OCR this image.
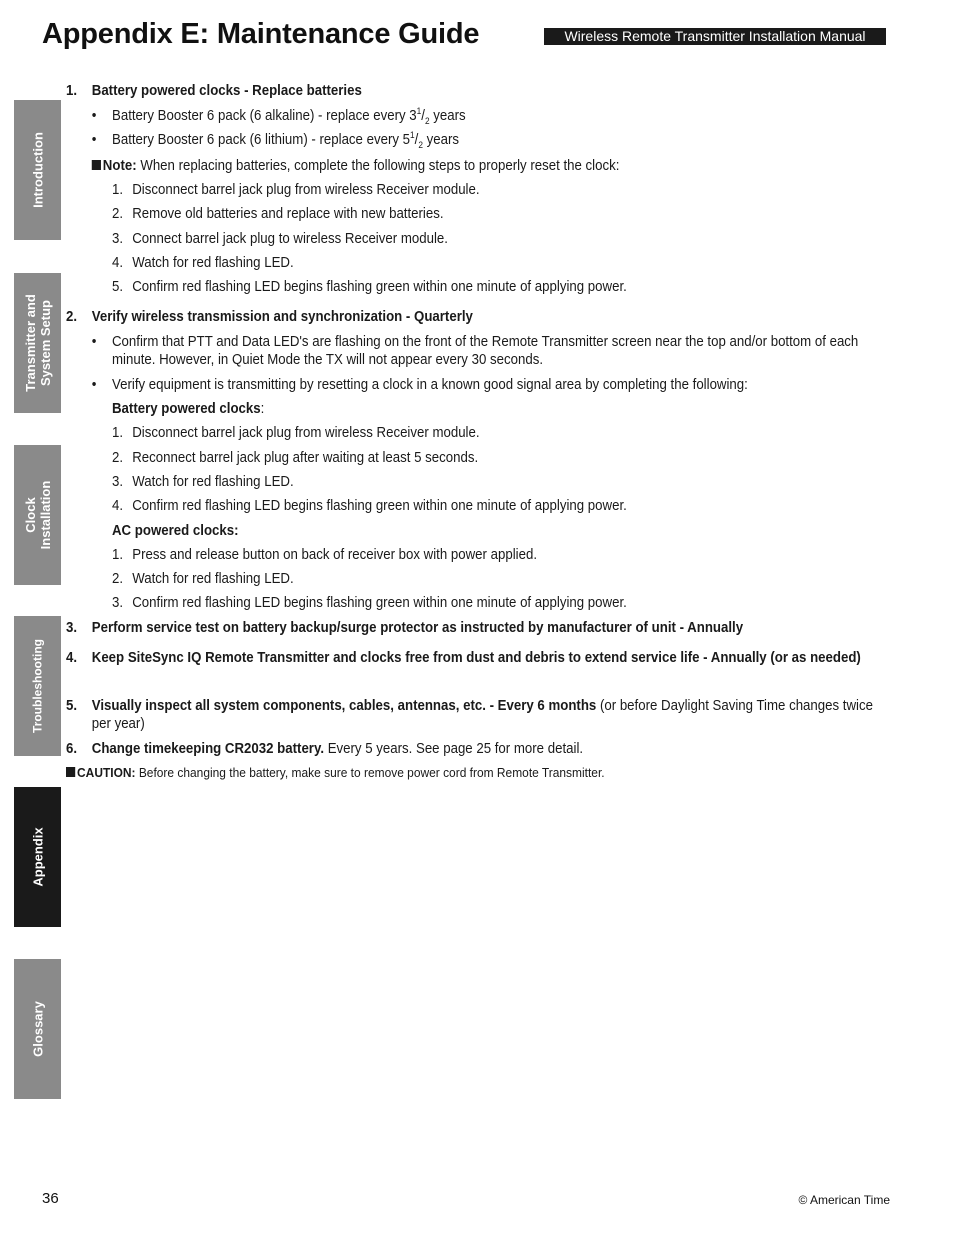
Appendix E: Maintenance Guide	Wireless Remote Transmitter Installation Manual
Introduction
Transmitter and System Setup
Clock Installation
Troubleshooting
Appendix
Glossary
1. Battery powered clocks - Replace batteries
• Battery Booster 6 pack (6 alkaline) - replace every $3^1/_2$ years
• Battery Booster 6 pack (6 lithium) - replace every $5^1/_2$ years
Note: When replacing batteries, complete the following steps to properly reset the clock:
1. Disconnect barrel jack plug from wireless Receiver module.
2. Remove old batteries and replace with new batteries.
3. Connect barrel jack plug to wireless Receiver module.
4. Watch for red flashing LED.
5. Confirm red flashing LED begins flashing green within one minute of applying power.
2. Verify wireless transmission and synchronization - Quarterly
• Confirm that PTT and Data LED's are flashing on the front of the Remote Transmitter screen near the top and/or bottom of each minute. However, in Quiet Mode the TX will not appear every 30 seconds.
• Verify equipment is transmitting by resetting a clock in a known good signal area by completing the following:
Battery powered clocks:
1. Disconnect barrel jack plug from wireless Receiver module.
2. Reconnect barrel jack plug after waiting at least 5 seconds.
3. Watch for red flashing LED.
4. Confirm red flashing LED begins flashing green within one minute of applying power.
AC powered clocks:
1. Press and release button on back of receiver box with power applied.
2. Watch for red flashing LED.
3. Confirm red flashing LED begins flashing green within one minute of applying power.
3. Perform service test on battery backup/surge protector as instructed by manufacturer of unit - Annually
4. Keep SiteSync IQ Remote Transmitter and clocks free from dust and debris to extend service life - Annually (or as needed)
5. Visually inspect all system components, cables, antennas, etc. - Every 6 months (or before Daylight Saving Time changes twice per year)
6. Change timekeeping CR2032 battery. Every 5 years. See page 25 for more detail.
CAUTION: Before changing the battery, make sure to remove power cord from Remote Transmitter.
36	© American Time
